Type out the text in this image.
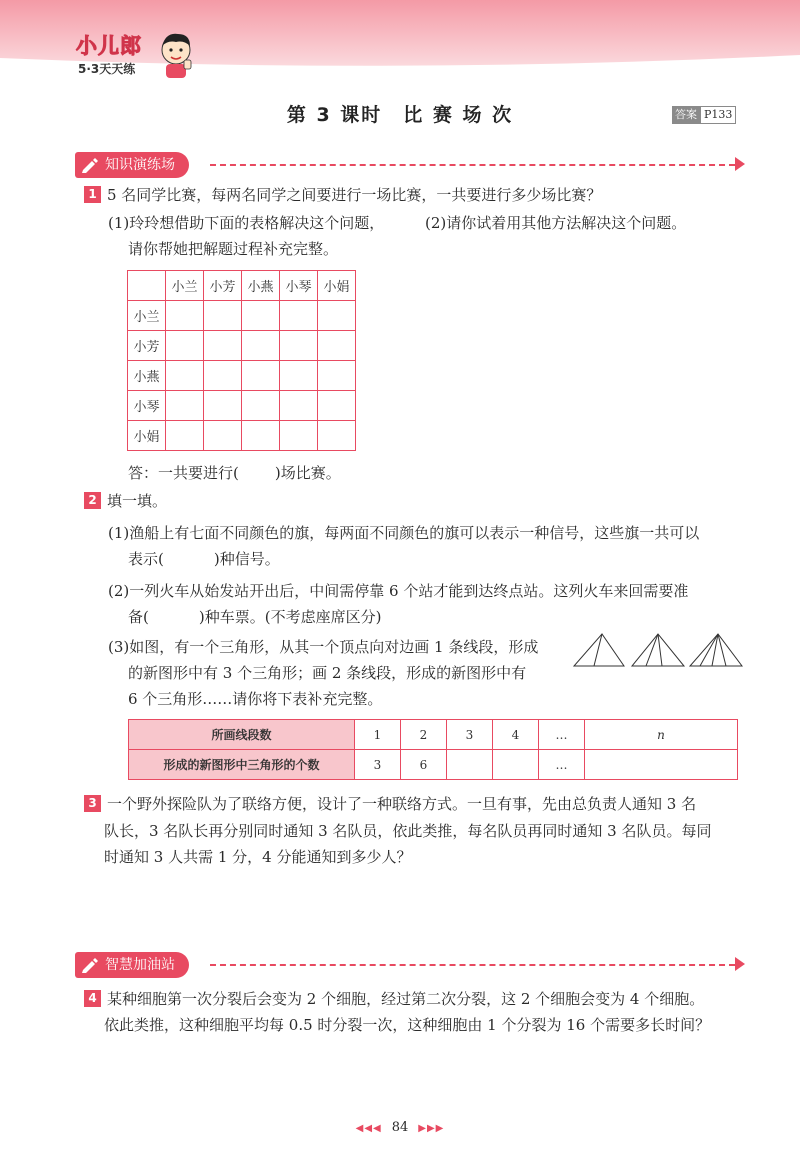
小儿郎
5·3天天练
第 3 课时　比 赛 场 次	答案 P133
知识演练场
1 5 名同学比赛，每两名同学之间要进行一场比赛，一共要进行多少场比赛？
(1)玲玲想借助下面的表格解决这个问题，
请你帮她把解题过程补充完整。
(2)请你试着用其他方法解决这个问题。
	小兰	小芳	小燕	小琴	小娟
小兰					
小芳					
小燕					
小琴					
小娟					
答：一共要进行( )场比赛。
2 填一填。
(1)渔船上有七面不同颜色的旗，每两面不同颜色的旗可以表示一种信号，这些旗一共可以
表示(	)种信号。
(2)一列火车从始发站开出后，中间需停靠 6 个站才能到达终点站。这列火车来回需要准
备(	)种车票。(不考虑座席区分)
(3)如图，有一个三角形，从其一个顶点向对边画 1 条线段，形成
的新图形中有 3 个三角形；画 2 条线段，形成的新图形中有
6 个三角形……请你将下表补充完整。
所画线段数	1	2	3	4	…	n
形成的新图形中三角形的个数	3	6			…	
3 一个野外探险队为了联络方便，设计了一种联络方式。一旦有事，先由总负责人通知 3 名
队长，3 名队长再分别同时通知 3 名队员，依此类推，每名队员再同时通知 3 名队员。每同
时通知 3 人共需 1 分，4 分能通知到多少人？
智慧加油站
4 某种细胞第一次分裂后会变为 2 个细胞，经过第二次分裂，这 2 个细胞会变为 4 个细胞。
依此类推，这种细胞平均每 0.5 时分裂一次，这种细胞由 1 个分裂为 16 个需要多长时间？
◀◀◀ 84 ▶▶▶
